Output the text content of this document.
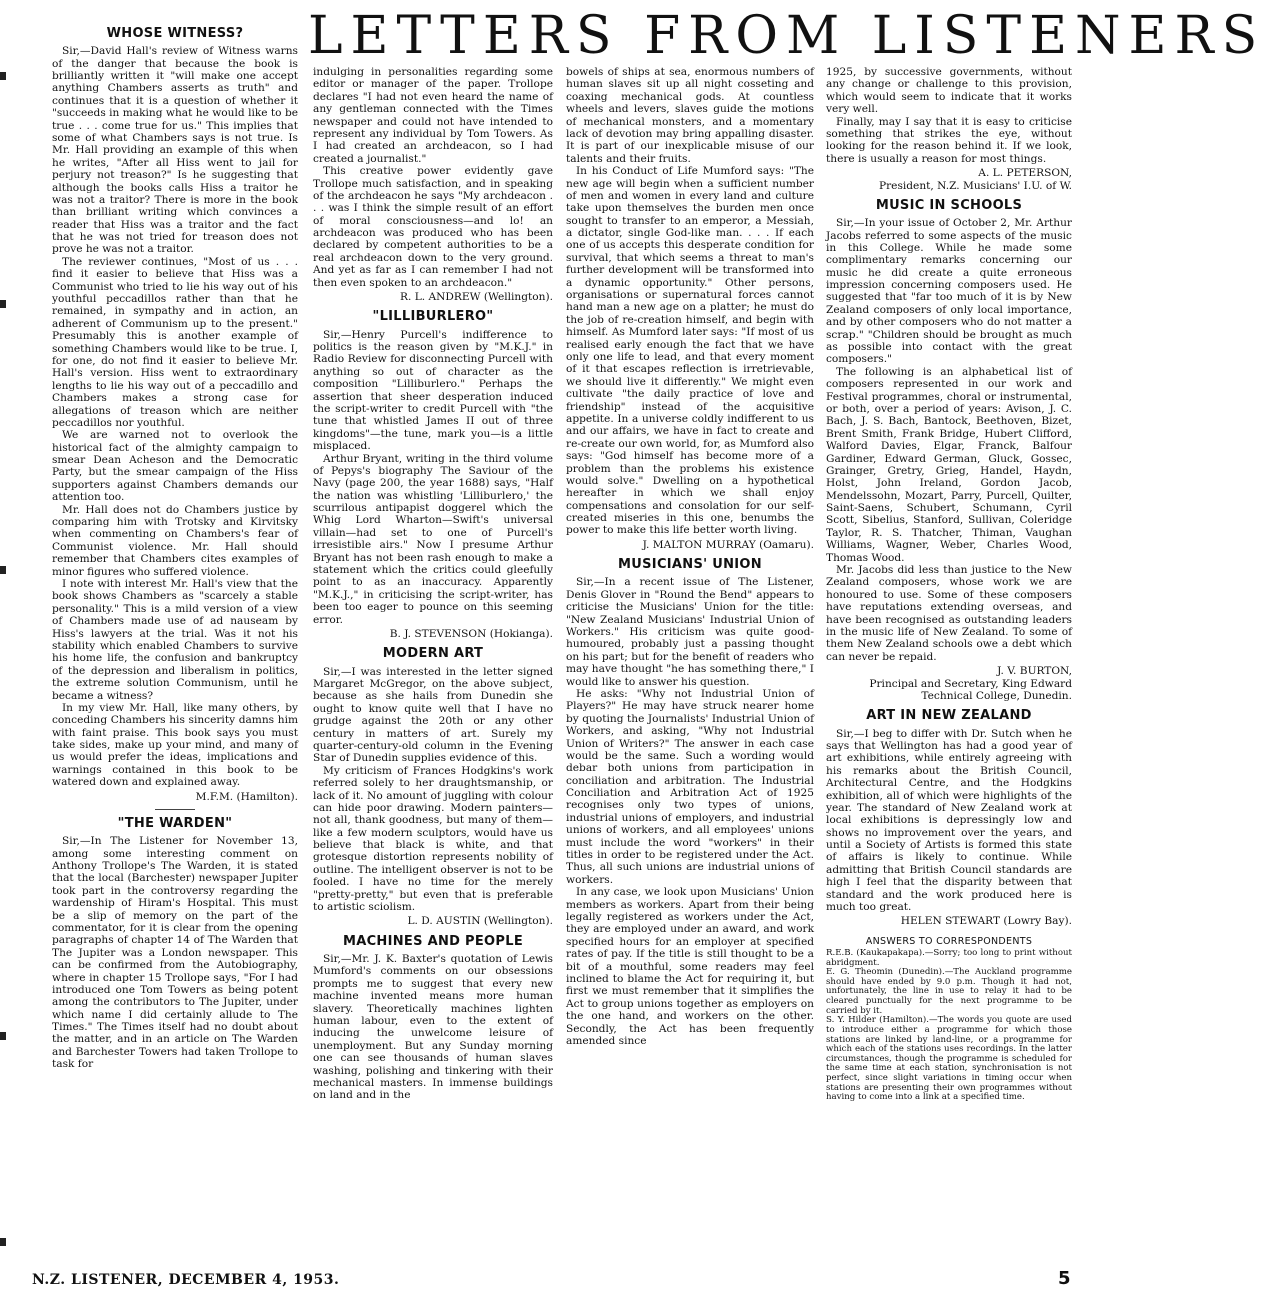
LETTERS FROM LISTENERS
WHOSE WITNESS?

Sir,—David Hall's review of Witness warns of the danger that because the book is brilliantly written it "will make one accept anything Chambers asserts as truth" and continues that it is a question of whether it "succeeds in making what he would like to be true . . . come true for us." This implies that some of what Chambers says is not true. Is Mr. Hall providing an example of this when he writes, "After all Hiss went to jail for perjury not treason?" Is he suggesting that although the books calls Hiss a traitor he was not a traitor? There is more in the book than brilliant writing which convinces a reader that Hiss was a traitor and the fact that he was not tried for treason does not prove he was not a traitor.

The reviewer continues, "Most of us . . . find it easier to believe that Hiss was a Communist who tried to lie his way out of his youthful peccadillos rather than that he remained, in sympathy and in action, an adherent of Communism up to the present." Presumably this is another example of something Chambers would like to be true. I, for one, do not find it easier to believe Mr. Hall's version. Hiss went to extraordinary lengths to lie his way out of a peccadillo and Chambers makes a strong case for allegations of treason which are neither peccadillos nor youthful.

We are warned not to overlook the historical fact of the almighty campaign to smear Dean Acheson and the Democratic Party, but the smear campaign of the Hiss supporters against Chambers demands our attention too.

Mr. Hall does not do Chambers justice by comparing him with Trotsky and Kirvitsky when commenting on Chambers's fear of Communist violence. Mr. Hall should remember that Chambers cites examples of minor figures who suffered violence.

I note with interest Mr. Hall's view that the book shows Chambers as "scarcely a stable personality." This is a mild version of a view of Chambers made use of ad nauseam by Hiss's lawyers at the trial. Was it not his stability which enabled Chambers to survive his home life, the confusion and bankruptcy of the depression and liberalism in politics, the extreme solution Communism, until he became a witness?

In my view Mr. Hall, like many others, by conceding Chambers his sincerity damns him with faint praise. This book says you must take sides, make up your mind, and many of us would prefer the ideas, implications and warnings contained in this book to be watered down and explained away.

M.F.M. (Hamilton).

"THE WARDEN"

Sir,—In The Listener for November 13, among some interesting comment on Anthony Trollope's The Warden, it is stated that the local (Barchester) newspaper Jupiter took part in the controversy regarding the wardenship of Hiram's Hospital. This must be a slip of memory on the part of the commentator, for it is clear from the opening paragraphs of chapter 14 of The Warden that The Jupiter was a London newspaper. This can be confirmed from the Autobiography, where in chapter 15 Trollope says, "For I had introduced one Tom Towers as being potent among the contributors to The Jupiter, under which name I did certainly allude to The Times." The Times itself had no doubt about the matter, and in an article on The Warden and Barchester Towers had taken Trollope to task for

indulging in personalities regarding some editor or manager of the paper. Trollope declares "I had not even heard the name of any gentleman connected with the Times newspaper and could not have intended to represent any individual by Tom Towers. As I had created an archdeacon, so I had created a journalist."

This creative power evidently gave Trollope much satisfaction, and in speaking of the archdeacon he says "My archdeacon . . . was I think the simple result of an effort of moral consciousness—and lo! an archdeacon was produced who has been declared by competent authorities to be a real archdeacon down to the very ground. And yet as far as I can remember I had not then even spoken to an archdeacon."

R. L. ANDREW (Wellington).

"LILLIBURLERO"

Sir,—Henry Purcell's indifference to politics is the reason given by "M.K.J." in Radio Review for disconnecting Purcell with anything so out of character as the composition "Lilliburlero." Perhaps the assertion that sheer desperation induced the script-writer to credit Purcell with "the tune that whistled James II out of three kingdoms"—the tune, mark you—is a little misplaced.

Arthur Bryant, writing in the third volume of Pepys's biography The Saviour of the Navy (page 200, the year 1688) says, "Half the nation was whistling 'Lilliburlero,' the scurrilous antipapist doggerel which the Whig Lord Wharton—Swift's universal villain—had set to one of Purcell's irresistible airs." Now I presume Arthur Bryant has not been rash enough to make a statement which the critics could gleefully point to as an inaccuracy. Apparently "M.K.J.," in criticising the script-writer, has been too eager to pounce on this seeming error.

B. J. STEVENSON (Hokianga).

MODERN ART

Sir,—I was interested in the letter signed Margaret McGregor, on the above subject, because as she hails from Dunedin she ought to know quite well that I have no grudge against the 20th or any other century in matters of art. Surely my quarter-century-old column in the Evening Star of Dunedin supplies evidence of this.

My criticism of Frances Hodgkins's work referred solely to her draughtsmanship, or lack of it. No amount of juggling with colour can hide poor drawing. Modern painters—not all, thank goodness, but many of them—like a few modern sculptors, would have us believe that black is white, and that grotesque distortion represents nobility of outline. The intelligent observer is not to be fooled. I have no time for the merely "pretty-pretty," but even that is preferable to artistic sciolism.

L. D. AUSTIN (Wellington).

MACHINES AND PEOPLE

Sir,—Mr. J. K. Baxter's quotation of Lewis Mumford's comments on our obsessions prompts me to suggest that every new machine invented means more human slavery. Theoretically machines lighten human labour, even to the extent of inducing the unwelcome leisure of unemployment. But any Sunday morning one can see thousands of human slaves washing, polishing and tinkering with their mechanical masters. In immense buildings on land and in the

bowels of ships at sea, enormous numbers of human slaves sit up all night cosseting and coaxing mechanical gods. At countless wheels and levers, slaves guide the motions of mechanical monsters, and a momentary lack of devotion may bring appalling disaster. It is part of our inexplicable misuse of our talents and their fruits.

In his Conduct of Life Mumford says: "The new age will begin when a sufficient number of men and women in every land and culture take upon themselves the burden men once sought to transfer to an emperor, a Messiah, a dictator, single God-like man. . . . If each one of us accepts this desperate condition for survival, that which seems a threat to man's further development will be transformed into a dynamic opportunity." Other persons, organisations or supernatural forces cannot hand man a new age on a platter; he must do the job of re-creation himself, and begin with himself. As Mumford later says: "If most of us realised early enough the fact that we have only one life to lead, and that every moment of it that escapes reflection is irretrievable, we should live it differently." We might even cultivate "the daily practice of love and friendship" instead of the acquisitive appetite. In a universe coldly indifferent to us and our affairs, we have in fact to create and re-create our own world, for, as Mumford also says: "God himself has become more of a problem than the problems his existence would solve." Dwelling on a hypothetical hereafter in which we shall enjoy compensations and consolation for our self-created miseries in this one, benumbs the power to make this life better worth living.

J. MALTON MURRAY (Oamaru).

MUSICIANS' UNION

Sir,—In a recent issue of The Listener, Denis Glover in "Round the Bend" appears to criticise the Musicians' Union for the title: "New Zealand Musicians' Industrial Union of Workers." His criticism was quite good-humoured, probably just a passing thought on his part; but for the benefit of readers who may have thought "he has something there," I would like to answer his question.

He asks: "Why not Industrial Union of Players?" He may have struck nearer home by quoting the Journalists' Industrial Union of Workers, and asking, "Why not Industrial Union of Writers?" The answer in each case would be the same. Such a wording would debar both unions from participation in conciliation and arbitration. The Industrial Conciliation and Arbitration Act of 1925 recognises only two types of unions, industrial unions of employers, and industrial unions of workers, and all employees' unions must include the word "workers" in their titles in order to be registered under the Act. Thus, all such unions are industrial unions of workers.

In any case, we look upon Musicians' Union members as workers. Apart from their being legally registered as workers under the Act, they are employed under an award, and work specified hours for an employer at specified rates of pay. If the title is still thought to be a bit of a mouthful, some readers may feel inclined to blame the Act for requiring it, but first we must remember that it simplifies the Act to group unions together as employers on the one hand, and workers on the other. Secondly, the Act has been frequently amended since

1925, by successive governments, without any change or challenge to this provision, which would seem to indicate that it works very well.

Finally, may I say that it is easy to criticise something that strikes the eye, without looking for the reason behind it. If we look, there is usually a reason for most things.

A. L. PETERSON,

President, N.Z. Musicians' I.U. of W.

MUSIC IN SCHOOLS

Sir,—In your issue of October 2, Mr. Arthur Jacobs referred to some aspects of the music in this College. While he made some complimentary remarks concerning our music he did create a quite erroneous impression concerning composers used. He suggested that "far too much of it is by New Zealand composers of only local importance, and by other composers who do not matter a scrap." "Children should be brought as much as possible into contact with the great composers."

The following is an alphabetical list of composers represented in our work and Festival programmes, choral or instrumental, or both, over a period of years: Avison, J. C. Bach, J. S. Bach, Bantock, Beethoven, Bizet, Brent Smith, Frank Bridge, Hubert Clifford, Walford Davies, Elgar, Franck, Balfour Gardiner, Edward German, Gluck, Gossec, Grainger, Gretry, Grieg, Handel, Haydn, Holst, John Ireland, Gordon Jacob, Mendelssohn, Mozart, Parry, Purcell, Quilter, Saint-Saens, Schubert, Schumann, Cyril Scott, Sibelius, Stanford, Sullivan, Coleridge Taylor, R. S. Thatcher, Thiman, Vaughan Williams, Wagner, Weber, Charles Wood, Thomas Wood.

Mr. Jacobs did less than justice to the New Zealand composers, whose work we are honoured to use. Some of these composers have reputations extending overseas, and have been recognised as outstanding leaders in the music life of New Zealand. To some of them New Zealand schools owe a debt which can never be repaid.

J. V. BURTON,

Principal and Secretary, King Edward Technical College, Dunedin.

ART IN NEW ZEALAND

Sir,—I beg to differ with Dr. Sutch when he says that Wellington has had a good year of art exhibitions, while entirely agreeing with his remarks about the British Council, Architectural Centre, and the Hodgkins exhibition, all of which were highlights of the year. The standard of New Zealand work at local exhibitions is depressingly low and shows no improvement over the years, and until a Society of Artists is formed this state of affairs is likely to continue. While admitting that British Council standards are high I feel that the disparity between that standard and the work produced here is much too great.

HELEN STEWART (Lowry Bay).

ANSWERS TO CORRESPONDENTS

R.E.B. (Kaukapakapa).—Sorry; too long to print without abridgment.

E. G. Theomin (Dunedin).—The Auckland programme should have ended by 9.0 p.m. Though it had not, unfortunately, the line in use to relay it had to be cleared punctually for the next programme to be carried by it.

S. Y. Hilder (Hamilton).—The words you quote are used to introduce either a programme for which those stations are linked by land-line, or a programme for which each of the stations uses recordings. In the latter circumstances, though the programme is scheduled for the same time at each station, synchronisation is not perfect, since slight variations in timing occur when stations are presenting their own programmes without having to come into a link at a specified time.

N.Z. LISTENER, DECEMBER 4, 1953.	5
